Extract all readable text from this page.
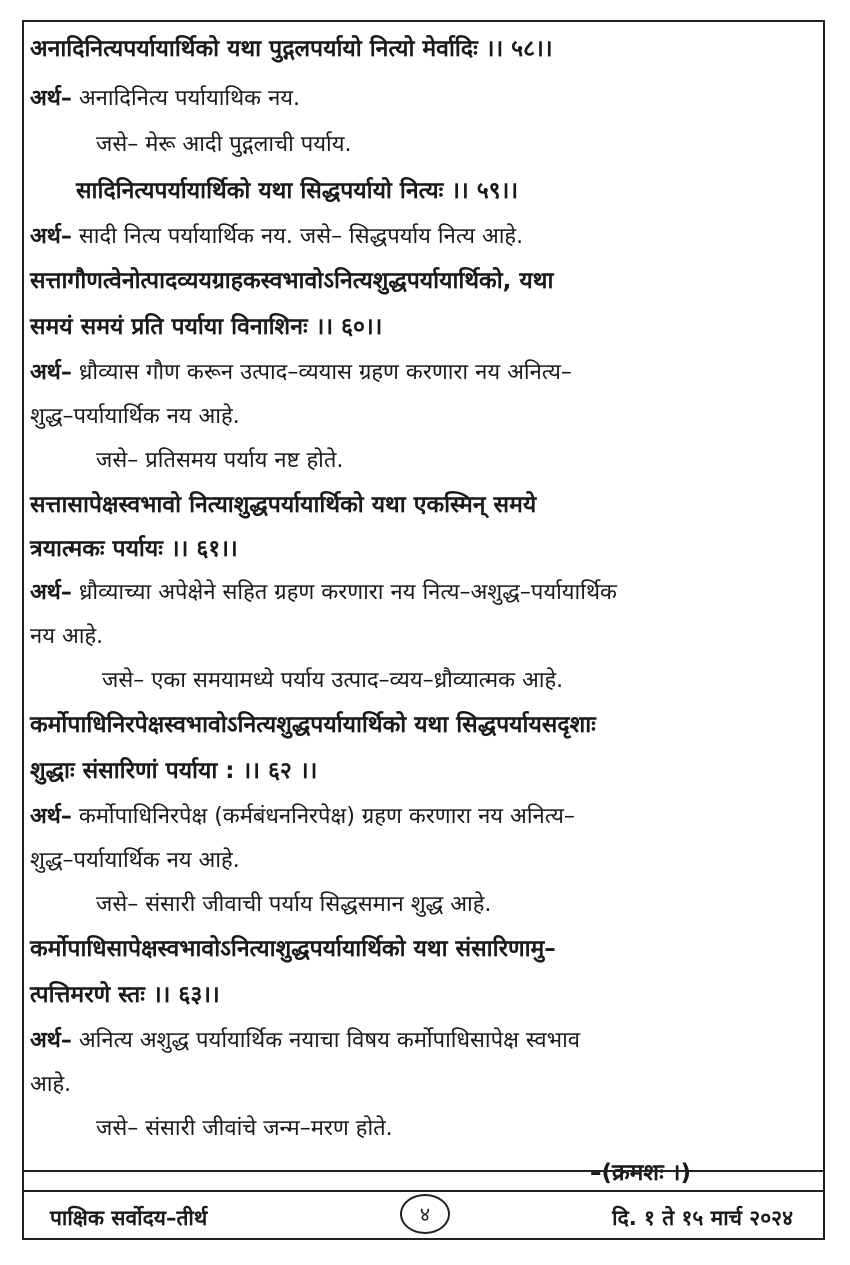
अनादिनित्यपर्यायार्थिको यथा पुद्गलपर्यायो नित्यो मेर्वादिः ।। ५८।।
अर्थ– अनादिनित्य पर्यायाथिक नय.
जसे– मेरू आदी पुद्गलाची पर्याय.
सादिनित्यपर्यायार्थिको यथा सिद्धपर्यायो नित्यः ।। ५९।।
अर्थ– सादी नित्य पर्यायार्थिक नय. जसे– सिद्धपर्याय नित्य आहे.
सत्तागौणत्वेनोत्पादव्ययग्राहकस्वभावोऽनित्यशुद्धपर्यायार्थिको, यथा
समयं समयं प्रति पर्याया विनाशिनः ।। ६०।।
अर्थ– ध्रौव्यास गौण करून उत्पाद–व्ययास ग्रहण करणारा नय अनित्य–
शुद्ध–पर्यायार्थिक नय आहे.
जसे– प्रतिसमय पर्याय नष्ट होते.
सत्तासापेक्षस्वभावो नित्याशुद्धपर्यायार्थिको यथा एकस्मिन् समये
त्रयात्मकः पर्यायः ।। ६१।।
अर्थ– ध्रौव्याच्या अपेक्षेने सहित ग्रहण करणारा नय नित्य–अशुद्ध–पर्यायार्थिक
नय आहे.
जसे– एका समयामध्ये पर्याय उत्पाद–व्यय–ध्रौव्यात्मक आहे.
कर्मोपाधिनिरपेक्षस्वभावोऽनित्यशुद्धपर्यायार्थिको यथा सिद्धपर्यायसदृशाः
शुद्धाः संसारिणां पर्याया : ।। ६२ ।।
अर्थ– कर्मोपाधिनिरपेक्ष (कर्मबंधननिरपेक्ष) ग्रहण करणारा नय अनित्य–
शुद्ध–पर्यायार्थिक नय आहे.
जसे– संसारी जीवाची पर्याय सिद्धसमान शुद्ध आहे.
कर्मोपाधिसापेक्षस्वभावोऽनित्याशुद्धपर्यायार्थिको यथा संसारिणामु–
त्पत्तिमरणे स्तः ।। ६३।।
अर्थ– अनित्य अशुद्ध पर्यायार्थिक नयाचा विषय कर्मोपाधिसापेक्ष स्वभाव
आहे.
जसे– संसारी जीवांचे जन्म–मरण होते.
–(क्रमशः ।)
पाक्षिक सर्वोदय–तीर्थ	४	दि. १ ते १५ मार्च २०२४
